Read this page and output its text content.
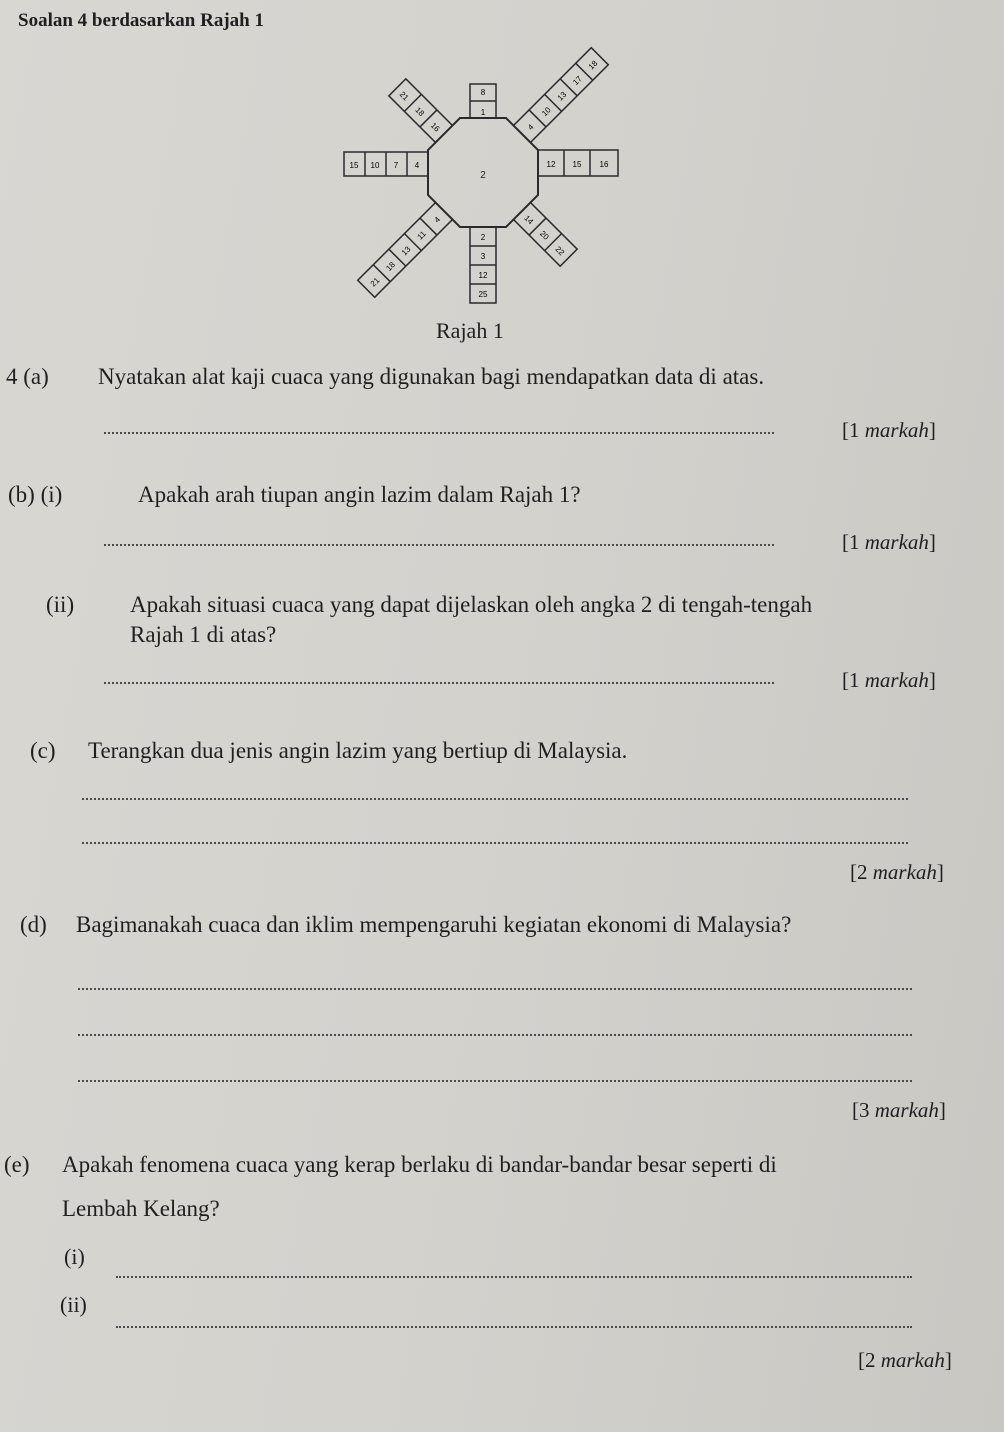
Soalan 4 berdasarkan Rajah 1
2
1
8
12 15 16
4
7
10
15
2
3
12
25
4
10
13
17
18
21
18
16
14
20
22
4
11
13
18
21
Rajah 1
4 (a) Nyatakan alat kaji cuaca yang digunakan bagi mendapatkan data di atas.
[1 markah]
(b) (i)	Apakah arah tiupan angin lazim dalam Rajah 1?
[1 markah]
(ii) Apakah situasi cuaca yang dapat dijelaskan oleh angka 2 di tengah-tengah
Rajah 1 di atas?
[1 markah]
(c) Terangkan dua jenis angin lazim yang bertiup di Malaysia.
[2 markah]
(d) Bagimanakah cuaca dan iklim mempengaruhi kegiatan ekonomi di Malaysia?
[3 markah]
(e) Apakah fenomena cuaca yang kerap berlaku di bandar-bandar besar seperti di
Lembah Kelang?
(i)
(ii)
[2 markah]
